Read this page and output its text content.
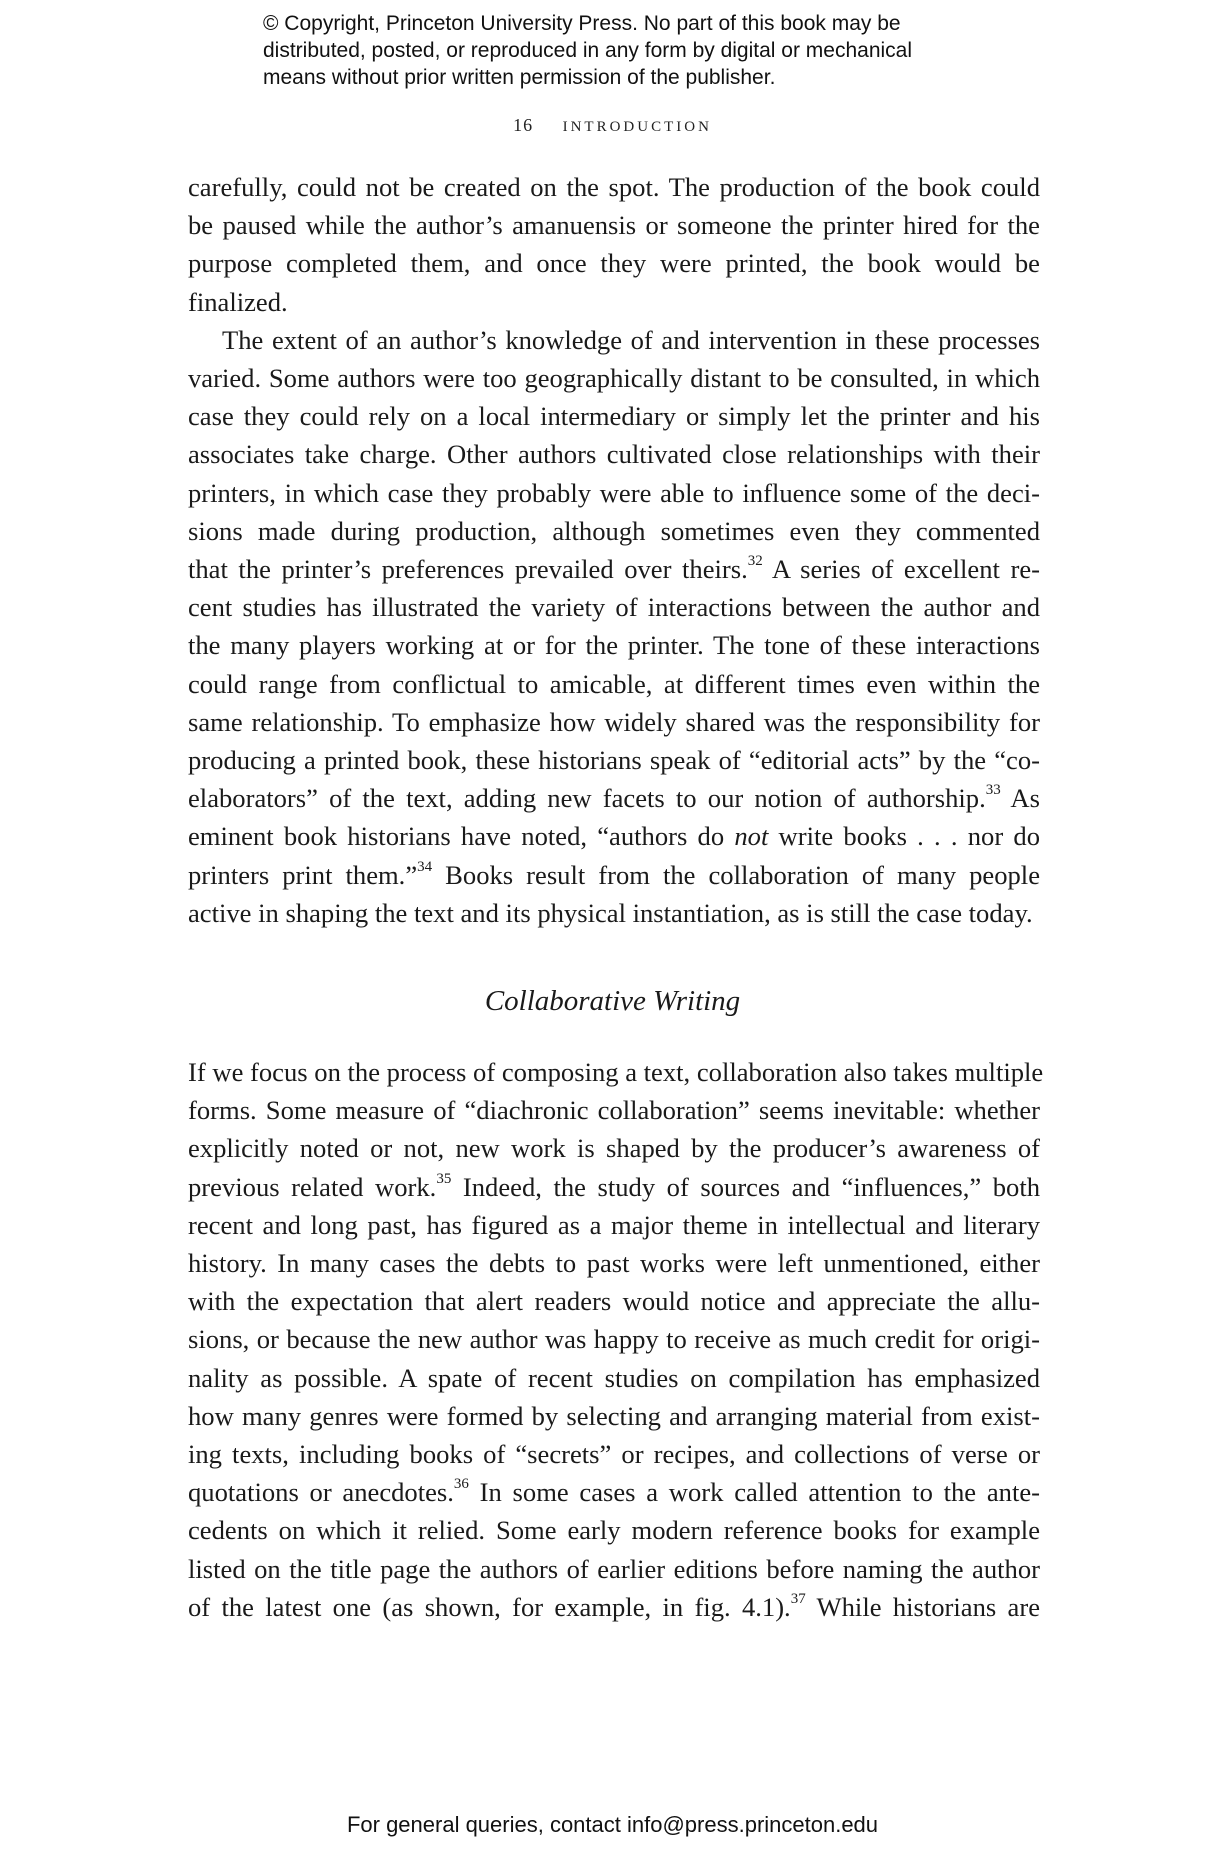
© Copyright, Princeton University Press. No part of this book may be
distributed, posted, or reproduced in any form by digital or mechanical
means without prior written permission of the publisher.
16 introduction
carefully, could not be created on the spot. The production of the book could
be paused while the author’s amanuensis or someone the printer hired for the
purpose completed them, and once they were printed, the book would be
finalized.
The extent of an author’s knowledge of and intervention in these processes
varied. Some authors were too geographically distant to be consulted, in which
case they could rely on a local intermediary or simply let the printer and his
associates take charge. Other authors cultivated close relationships with their
printers, in which case they probably were able to influence some of the deci-
sions made during production, although sometimes even they commented
that the printer’s preferences prevailed over theirs.$^{32}$ A series of excellent re-
cent studies has illustrated the variety of interactions between the author and
the many players working at or for the printer. The tone of these interactions
could range from conflictual to amicable, at different times even within the
same relationship. To emphasize how widely shared was the responsibility for
producing a printed book, these historians speak of “editorial acts” by the “co-
elaborators” of the text, adding new facets to our notion of authorship.$^{33}$ As
eminent book historians have noted, “authors do not write books . . . nor do
printers print them.”$^{34}$ Books result from the collaboration of many people
active in shaping the text and its physical instantiation, as is still the case today.
Collaborative Writing
If we focus on the process of composing a text, collaboration also takes multiple
forms. Some measure of “diachronic collaboration” seems inevitable: whether
explicitly noted or not, new work is shaped by the producer’s awareness of
previous related work.$^{35}$ Indeed, the study of sources and “influences,” both
recent and long past, has figured as a major theme in intellectual and literary
history. In many cases the debts to past works were left unmentioned, either
with the expectation that alert readers would notice and appreciate the allu-
sions, or because the new author was happy to receive as much credit for origi-
nality as possible. A spate of recent studies on compilation has emphasized
how many genres were formed by selecting and arranging material from exist-
ing texts, including books of “secrets” or recipes, and collections of verse or
quotations or anecdotes.$^{36}$ In some cases a work called attention to the ante-
cedents on which it relied. Some early modern reference books for example
listed on the title page the authors of earlier editions before naming the author
of the latest one (as shown, for example, in fig. 4.1).$^{37}$ While historians are
For general queries, contact info@press.princeton.edu
